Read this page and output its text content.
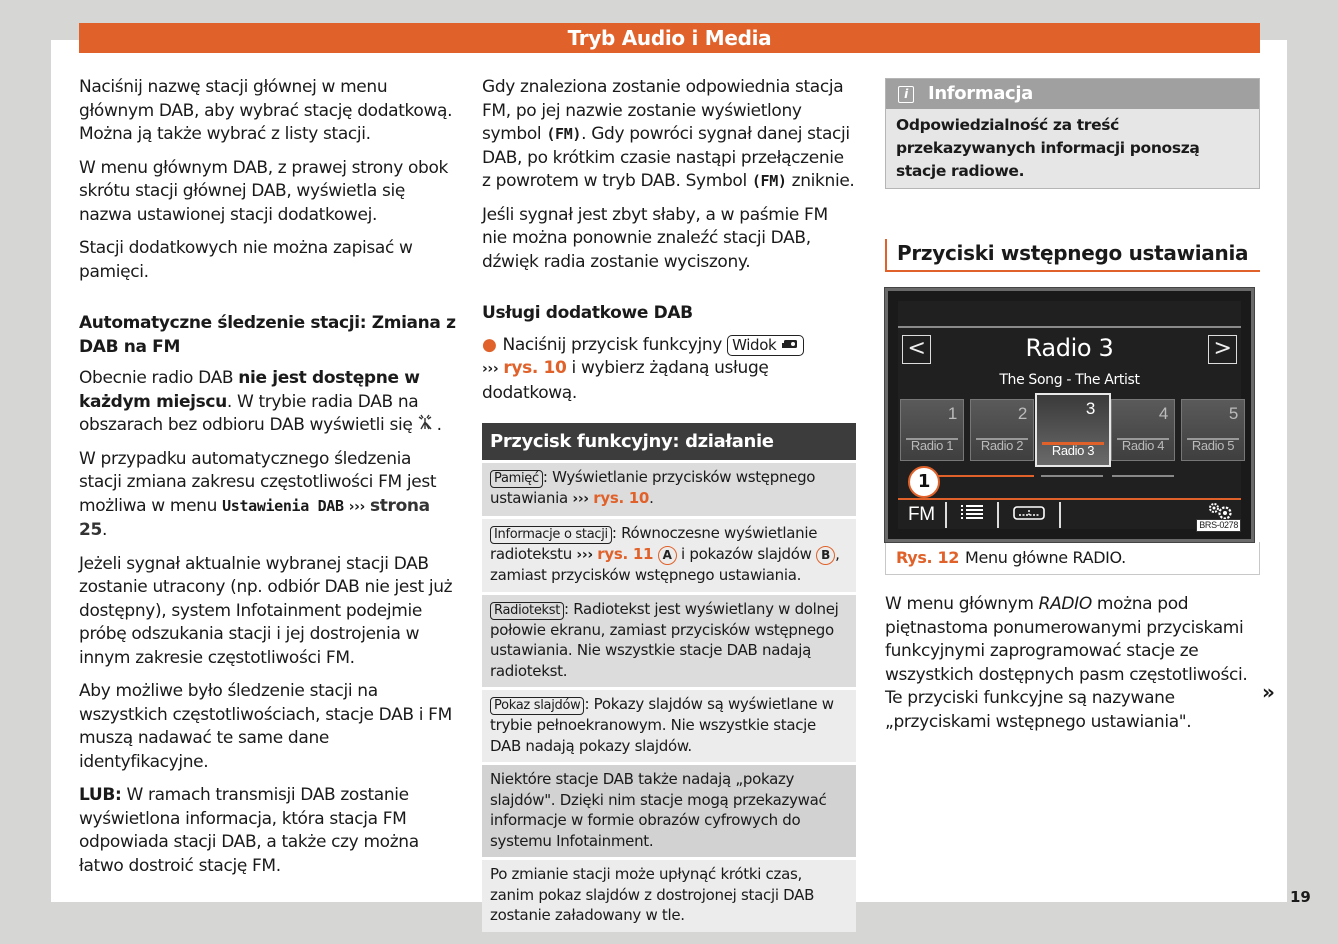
Tryb Audio i Media

Naciśnij nazwę stacji głównej w menu głównym DAB, aby wybrać stację dodatkową. Można ją także wybrać z listy stacji.

W menu głównym DAB, z prawej strony obok skrótu stacji głównej DAB, wyświetla się nazwa ustawionej stacji dodatkowej.

Stacji dodatkowych nie można zapisać w pamięci.

Automatyczne śledzenie stacji: Zmiana z DAB na FM

Obecnie radio DAB nie jest dostępne w każdym miejscu. W trybie radia DAB na obszarach bez odbioru DAB wyświetli się  .

W przypadku automatycznego śledzenia stacji zmiana zakresu częstotliwości FM jest możliwa w menu Ustawienia DAB ››› strona 25.

Jeżeli sygnał aktualnie wybranej stacji DAB zostanie utracony (np. odbiór DAB nie jest już dostępny), system Infotainment podejmie próbę odszukania stacji i jej dostrojenia w innym zakresie częstotliwości FM.

Aby możliwe było śledzenie stacji na wszystkich częstotliwościach, stacje DAB i FM muszą nadawać te same dane identyfikacyjne.

LUB: W ramach transmisji DAB zostanie wyświetlona informacja, która stacja FM odpowiada stacji DAB, a także czy można łatwo dostroić stację FM.

Gdy znaleziona zostanie odpowiednia stacja FM, po jej nazwie zostanie wyświetlony symbol (FM). Gdy powróci sygnał danej stacji DAB, po krótkim czasie nastąpi przełączenie z powrotem w tryb DAB. Symbol (FM) zniknie.

Jeśli sygnał jest zbyt słaby, a w paśmie FM nie można ponownie znaleźć stacji DAB, dźwięk radia zostanie wyciszony.

Usługi dodatkowe DAB

● Naciśnij przycisk funkcyjny Widok
››› rys. 10 i wybierz żądaną usługę dodatkową.

Przycisk funkcyjny: działanie
Pamięć : Wyświetlanie przycisków wstępnego ustawiania ››› rys. 10.
Informacje o stacji : Równoczesne wyświetlanie radiotekstu ››› rys. 11 A i pokazów slajdów B , zamiast przycisków wstępnego ustawiania.
Radiotekst : Radiotekst jest wyświetlany w dolnej połowie ekranu, zamiast przycisków wstępnego ustawiania. Nie wszystkie stacje DAB nadają radiotekst.
Pokaz slajdów : Pokazy slajdów są wyświetlane w trybie pełnoekranowym. Nie wszystkie stacje DAB nadają pokazy slajdów.
Niektóre stacje DAB także nadają „pokazy slajdów". Dzięki nim stacje mogą przekazywać informacje w formie obrazów cyfrowych do systemu Infotainment.
Po zmianie stacji może upłynąć krótki czas, zanim pokaz slajdów z dostrojonej stacji DAB zostanie załadowany w tle.
i	Informacja
Odpowiedzialność za treść przekazywanych informacji ponoszą stacje radiowe.
Przyciski wstępnego ustawiania
<	>
Radio 3
The Song - The Artist
1
Radio 1
2
Radio 2
3
Radio 3
4
Radio 4
5
Radio 5
1
FM	BRS-0278
Rys. 12 Menu główne RADIO.

W menu głównym RADIO można pod piętnastoma ponumerowanymi przyciskami funkcyjnymi zaprogramować stacje ze wszystkich dostępnych pasm częstotliwości. Te przyciski funkcyjne są nazywane „przyciskami wstępnego ustawiania".

»
19
